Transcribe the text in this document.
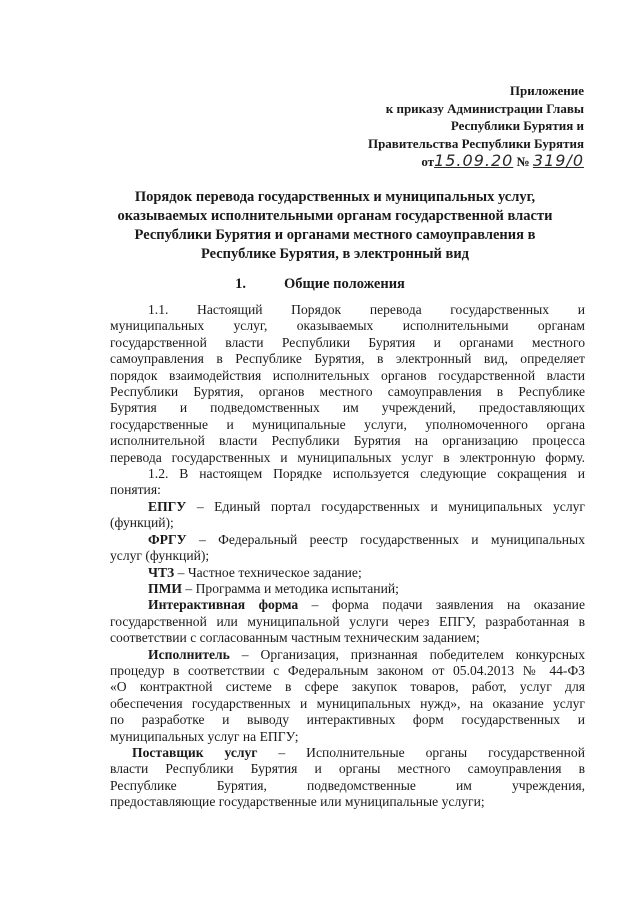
Приложение
к приказу Администрации Главы
Республики Бурятия и
Правительства Республики Бурятия
от15.09.20 № 319/0
Порядок перевода государственных и муниципальных услуг,
оказываемых исполнительными органам государственной власти
Республики Бурятия и органами местного самоуправления в
Республике Бурятия, в электронный вид
1.	Общие положения
1.1. Настоящий Порядок перевода государственных и
муниципальных услуг, оказываемых исполнительными органам
государственной власти Республики Бурятия и органами местного
самоуправления в Республике Бурятия, в электронный вид, определяет
порядок взаимодействия исполнительных органов государственной власти
Республики Бурятия, органов местного самоуправления в Республике
Бурятия и подведомственных им учреждений, предоставляющих
государственные и муниципальные услуги, уполномоченного органа
исполнительной власти Республики Бурятия на организацию процесса
перевода государственных и муниципальных услуг в электронную форму.
1.2. В настоящем Порядке используется следующие сокращения и
понятия:
ЕПГУ – Единый портал государственных и муниципальных услуг
(функций);
ФРГУ – Федеральный реестр государственных и муниципальных
услуг (функций);
ЧТЗ – Частное техническое задание;
ПМИ – Программа и методика испытаний;
Интерактивная форма – форма подачи заявления на оказание
государственной или муниципальной услуги через ЕПГУ, разработанная в
соответствии с согласованным частным техническим заданием;
Исполнитель – Организация, признанная победителем конкурсных
процедур в соответствии с Федеральным законом от 05.04.2013 № 44-ФЗ
«О контрактной системе в сфере закупок товаров, работ, услуг для
обеспечения государственных и муниципальных нужд», на оказание услуг
по разработке и выводу интерактивных форм государственных и
муниципальных услуг на ЕПГУ;
Поставщик услуг – Исполнительные органы государственной
власти Республики Бурятия и органы местного самоуправления в
Республике Бурятия, подведомственные им учреждения,
предоставляющие государственные или муниципальные услуги;
